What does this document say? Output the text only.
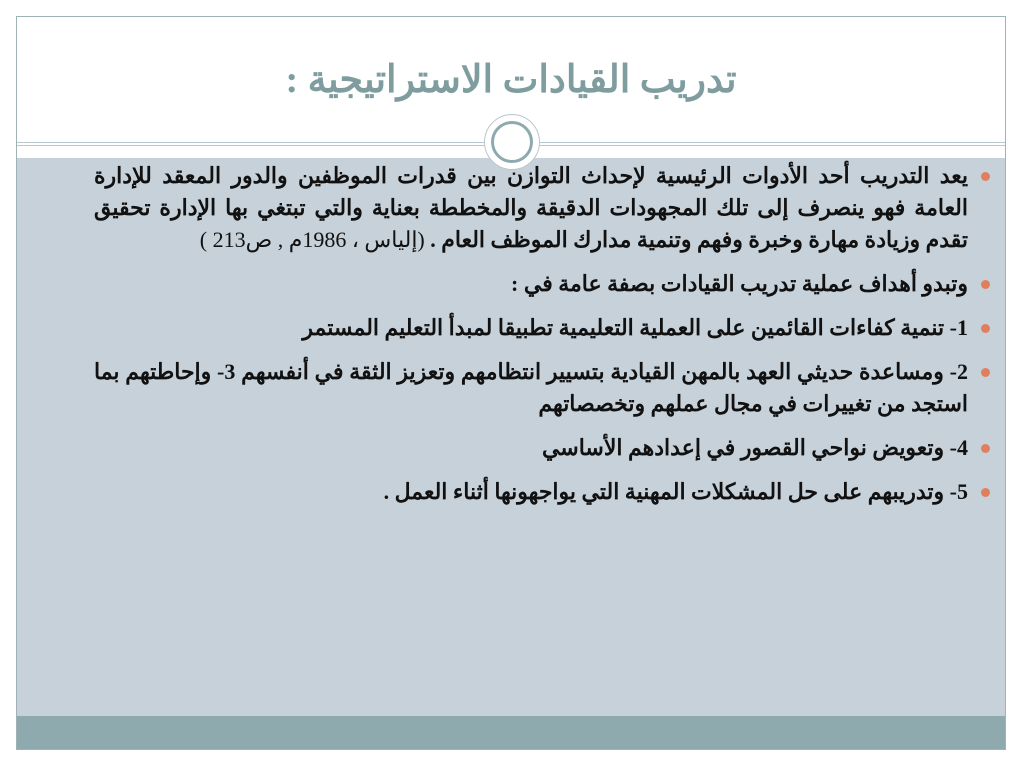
تدريب القيادات الاستراتيجية :
يعد التدريب أحد الأدوات الرئيسية لإحداث التوازن بين قدرات الموظفين والدور المعقد للإدارة العامة فهو ينصرف إلى تلك المجهودات الدقيقة والمخططة بعناية والتي تبتغي بها الإدارة تحقيق تقدم وزيادة مهارة وخبرة وفهم وتنمية مدارك الموظف العام . (إلياس ، 1986م , ص213 )
وتبدو أهداف عملية تدريب القيادات بصفة عامة في :
1- تنمية كفاءات القائمين على العملية التعليمية تطبيقا لمبدأ التعليم المستمر
2- ومساعدة حديثي العهد بالمهن القيادية بتسيير انتظامهم وتعزيز الثقة في أنفسهم 3- وإحاطتهم بما استجد من تغييرات في مجال عملهم وتخصصاتهم
4- وتعويض نواحي القصور في إعدادهم الأساسي
5- وتدريبهم على حل المشكلات المهنية التي يواجهونها أثناء العمل .
